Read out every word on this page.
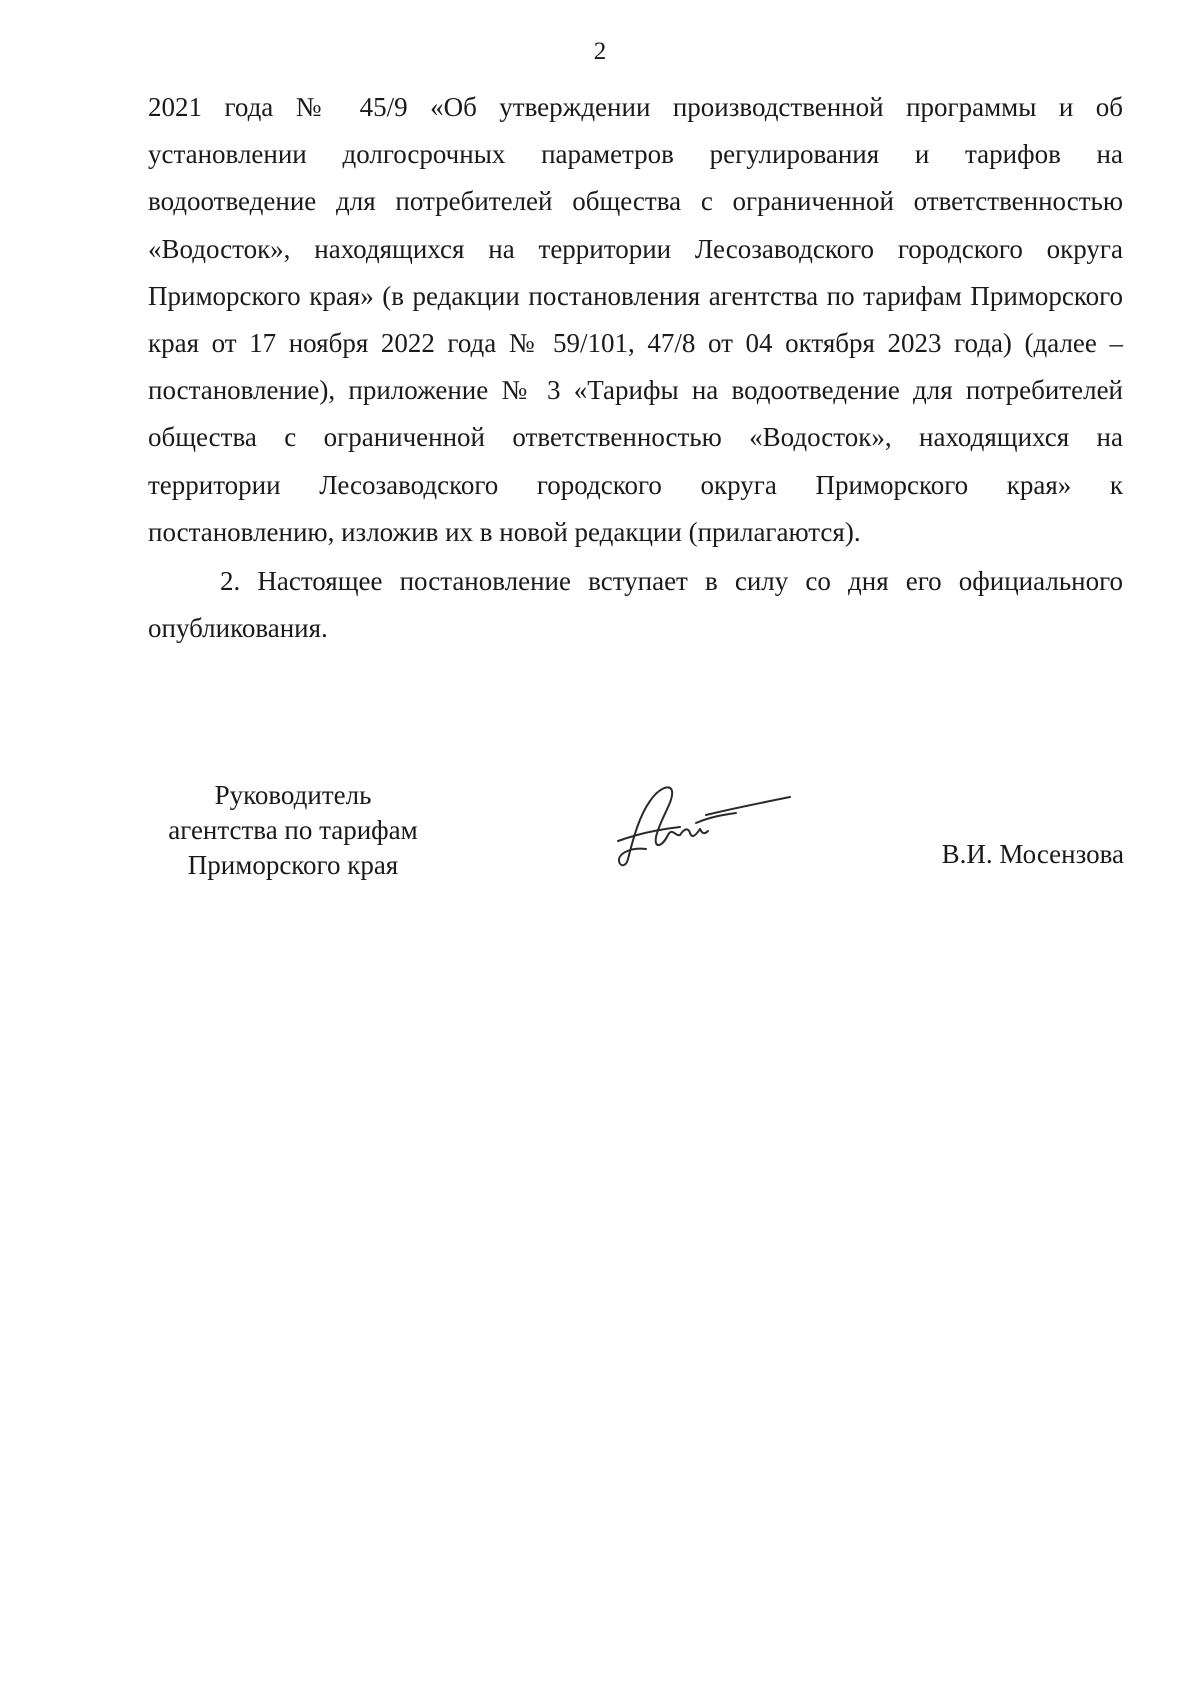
2

2021 года № 45/9 «Об утверждении производственной программы и об установлении долгосрочных параметров регулирования и тарифов на водоотведение для потребителей общества с ограниченной ответственностью «Водосток», находящихся на территории Лесозаводского городского округа Приморского края» (в редакции постановления агентства по тарифам Приморского края от 17 ноября 2022 года № 59/101, 47/8 от 04 октября 2023 года) (далее – постановление), приложение № 3 «Тарифы на водоотведение для потребителей общества с ограниченной ответственностью «Водосток», находящихся на территории Лесозаводского городского округа Приморского края» к постановлению, изложив их в новой редакции (прилагаются).

2. Настоящее постановление вступает в силу со дня его официального опубликования.

Руководитель
агентства по тарифам
Приморского края	В.И. Мосензова
